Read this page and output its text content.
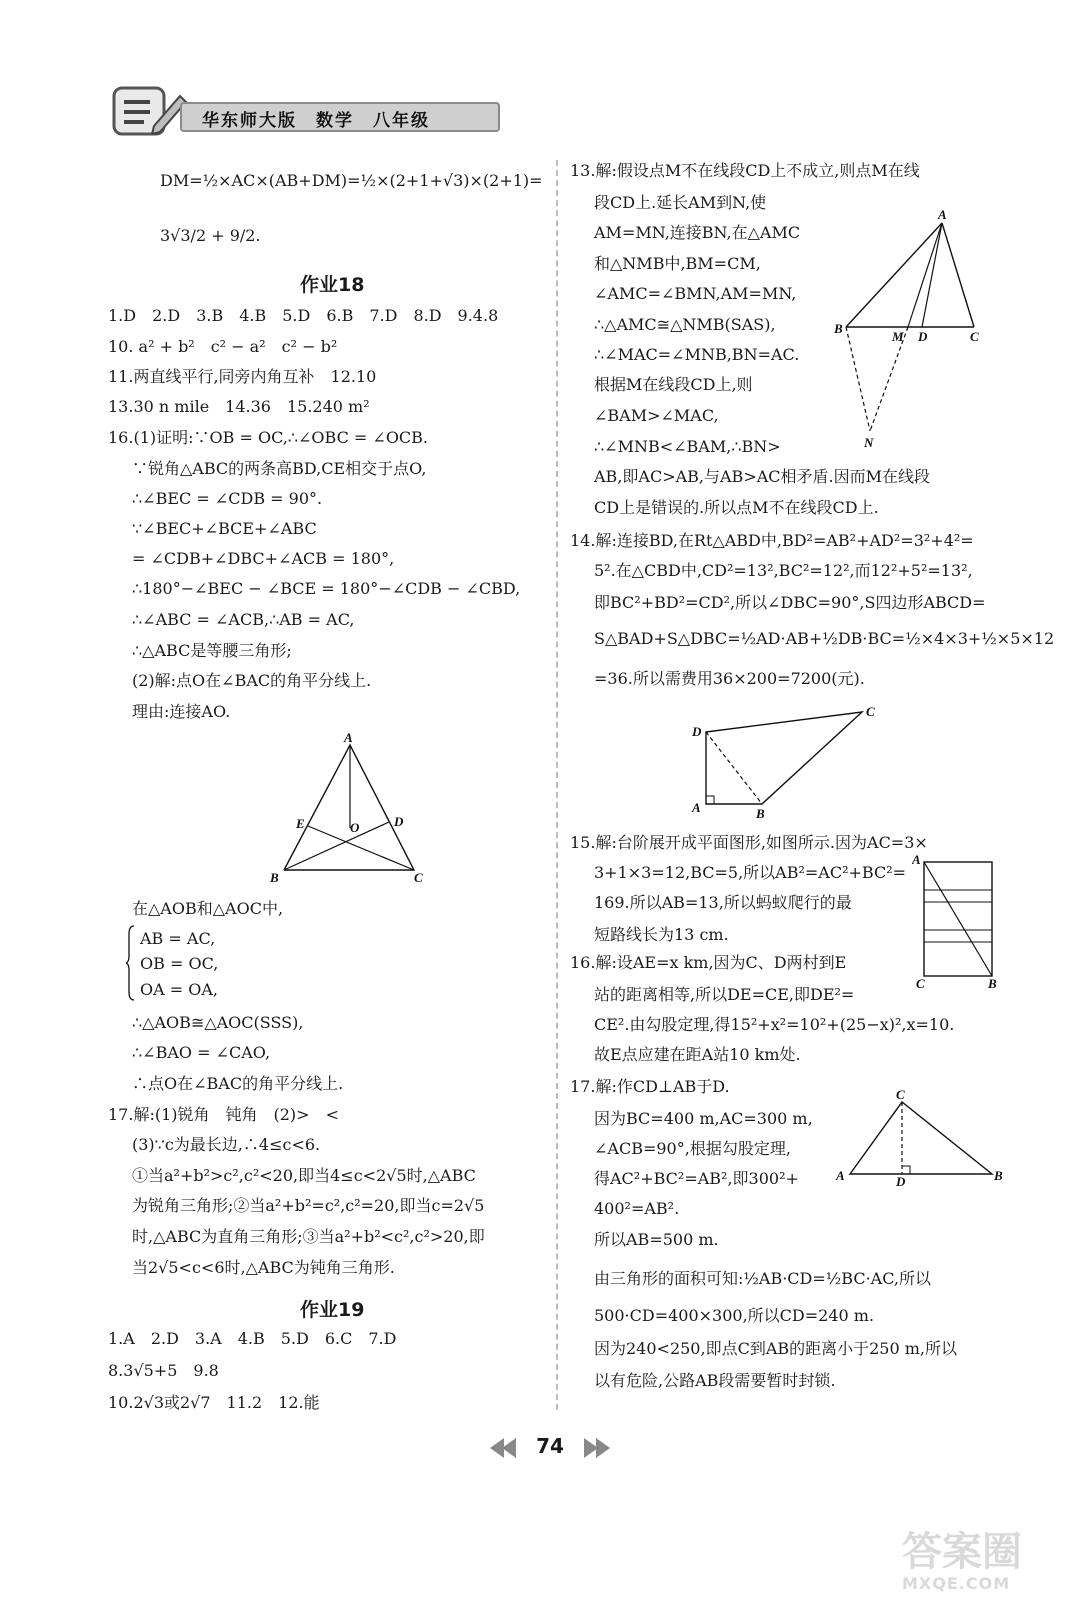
华东师大版　数学　八年级
DM=½×AC×(AB+DM)=½×(2+1+√3)×(2+1)=
3√3/2 + 9/2.
作业18
1.D　2.D　3.B　4.B　5.D　6.B　7.D　8.D　9.4.8
10. a² + b²　c² − a²　c² − b²
11.两直线平行,同旁内角互补　12.10
13.30 n mile　14.36　15.240 m²
16.(1)证明:∵OB = OC,∴∠OBC = ∠OCB.
∵锐角△ABC的两条高BD,CE相交于点O,
∴∠BEC = ∠CDB = 90°.
∵∠BEC+∠BCE+∠ABC
= ∠CDB+∠DBC+∠ACB = 180°,
∴180°−∠BEC − ∠BCE = 180°−∠CDB − ∠CBD,
∴∠ABC = ∠ACB,∴AB = AC,
∴△ABC是等腰三角形;
(2)解:点O在∠BAC的角平分线上.
理由:连接AO.
A
B	C
D
E	O
在△AOB和△AOC中,
AB = AC,
OB = OC,
OA = OA,
∴△AOB≅△AOC(SSS),
∴∠BAO = ∠CAO,
∴点O在∠BAC的角平分线上.
17.解:(1)锐角　钝角　(2)>　<
(3)∵c为最长边,∴4≤c<6.
①当a²+b²>c²,c²<20,即当4≤c<2√5时,△ABC
为锐角三角形;②当a²+b²=c²,c²=20,即当c=2√5
时,△ABC为直角三角形;③当a²+b²<c²,c²>20,即
当2√5<c<6时,△ABC为钝角三角形.
作业19
1.A　2.D　3.A　4.B　5.D　6.C　7.D
8.3√5+5　9.8
10.2√3或2√7　11.2　12.能
13.解:假设点M不在线段CD上不成立,则点M在线
段CD上.延长AM到N,使
AM=MN,连接BN,在△AMC
和△NMB中,BM=CM,
∠AMC=∠BMN,AM=MN,
∴△AMC≅△NMB(SAS),
∴∠MAC=∠MNB,BN=AC.
根据M在线段CD上,则
∠BAM>∠MAC,
∴∠MNB<∠BAM,∴BN>
AB,即AC>AB,与AB>AC相矛盾.因而M在线段
CD上是错误的.所以点M不在线段CD上.
A
B
M D	C
N
14.解:连接BD,在Rt△ABD中,BD²=AB²+AD²=3²+4²=
5².在△CBD中,CD²=13²,BC²=12²,而12²+5²=13²,
即BC²+BD²=CD²,所以∠DBC=90°,S四边形ABCD=
S△BAD+S△DBC=½AD·AB+½DB·BC=½×4×3+½×5×12
=36.所以需费用36×200=7200(元).
D
C
A	B
15.解:台阶展开成平面图形,如图所示.因为AC=3×
3+1×3=12,BC=5,所以AB²=AC²+BC²=
169.所以AB=13,所以蚂蚁爬行的最
短路线长为13 cm.
A
C	B
16.解:设AE=x km,因为C、D两村到E
站的距离相等,所以DE=CE,即DE²=
CE².由勾股定理,得15²+x²=10²+(25−x)²,x=10.
故E点应建在距A站10 km处.
17.解:作CD⊥AB于D.
因为BC=400 m,AC=300 m,
∠ACB=90°,根据勾股定理,
得AC²+BC²=AB²,即300²+
400²=AB².
所以AB=500 m.
由三角形的面积可知:½AB·CD=½BC·AC,所以
500·CD=400×300,所以CD=240 m.
因为240<250,即点C到AB的距离小于250 m,所以
以有危险,公路AB段需要暂时封锁.
C
A	D	B
74
答案圈
MXQE.COM
